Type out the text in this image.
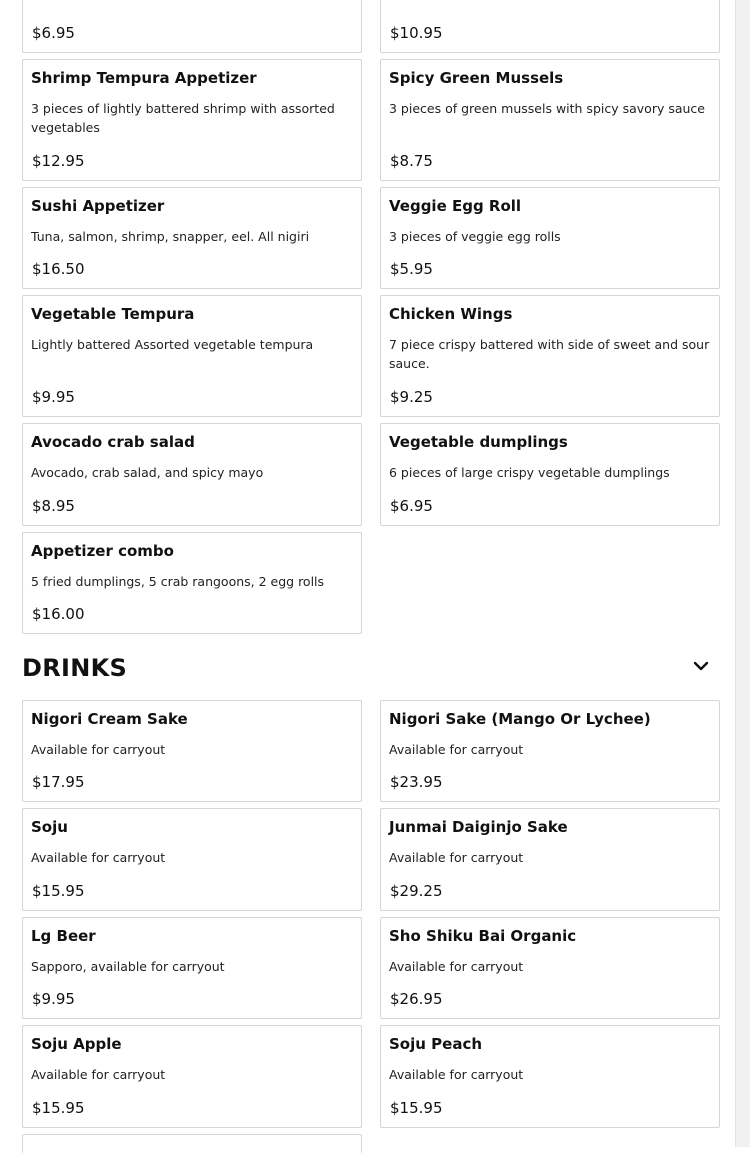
$6.95	$10.95
Shrimp Tempura Appetizer
3 pieces of lightly battered shrimp with assorted vegetables
$12.95
Spicy Green Mussels
3 pieces of green mussels with spicy savory sauce
$8.75
Sushi Appetizer
Tuna, salmon, shrimp, snapper, eel. All nigiri
$16.50
Veggie Egg Roll
3 pieces of veggie egg rolls
$5.95
Vegetable Tempura
Lightly battered Assorted vegetable tempura
$9.95
Chicken Wings
7 piece crispy battered with side of sweet and sour sauce.
$9.25
Avocado crab salad
Avocado, crab salad, and spicy mayo
$8.95
Vegetable dumplings
6 pieces of large crispy vegetable dumplings
$6.95
Appetizer combo
5 fried dumplings, 5 crab rangoons, 2 egg rolls
$16.00
DRINKS
Nigori Cream Sake
Available for carryout
$17.95
Nigori Sake (Mango Or Lychee)
Available for carryout
$23.95
Soju
Available for carryout
$15.95
Junmai Daiginjo Sake
Available for carryout
$29.25
Lg Beer
Sapporo, available for carryout
$9.95
Sho Shiku Bai Organic
Available for carryout
$26.95
Soju Apple
Available for carryout
$15.95
Soju Peach
Available for carryout
$15.95
